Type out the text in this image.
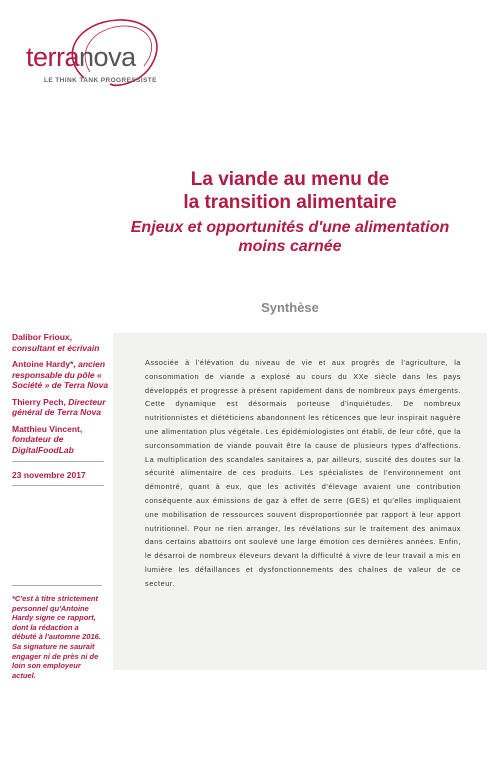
terranova
LE THINK TANK PROGRESSISTE

La viande au menu de

la transition alimentaire

Enjeux et opportunités d'une alimentation

moins carnée

Synthèse
Dalibor Frioux, consultant et écrivain
Antoine Hardy*, ancien responsable du pôle « Société » de Terra Nova
Thierry Pech, Directeur général de Terra Nova
Matthieu Vincent, fondateur de DigitalFoodLab
23 novembre 2017
*C'est à titre strictement personnel qu'Antoine Hardy signe ce rapport, dont la rédaction a débuté à l'automne 2016. Sa signature ne saurait engager ni de près ni de loin son employeur actuel.
Associée à l'élévation du niveau de vie et aux progrès de l'agriculture, la consommation de viande a explosé au cours du XXe siècle dans les pays développés et progresse à présent rapidement dans de nombreux pays émergents. Cette dynamique est désormais porteuse d'inquiétudes. De nombreux nutritionnistes et diététiciens abandonnent les réticences que leur inspirait naguère une alimentation plus végétale. Les épidémiologistes ont établi, de leur côté, que la surconsommation de viande pouvait être la cause de plusieurs types d'affections. La multiplication des scandales sanitaires a, par ailleurs, suscité des doutes sur la sécurité alimentaire de ces produits. Les spécialistes de l'environnement ont démontré, quant à eux, que les activités d'élevage avaient une contribution conséquente aux émissions de gaz à effet de serre (GES) et qu'elles impliquaient une mobilisation de ressources souvent disproportionnée par rapport à leur apport nutritionnel. Pour ne rien arranger, les révélations sur le traitement des animaux dans certains abattoirs ont soulevé une large émotion ces dernières années. Enfin, le désarroi de nombreux éleveurs devant la difficulté à vivre de leur travail a mis en lumière les défaillances et dysfonctionnements des chaînes de valeur de ce secteur.
